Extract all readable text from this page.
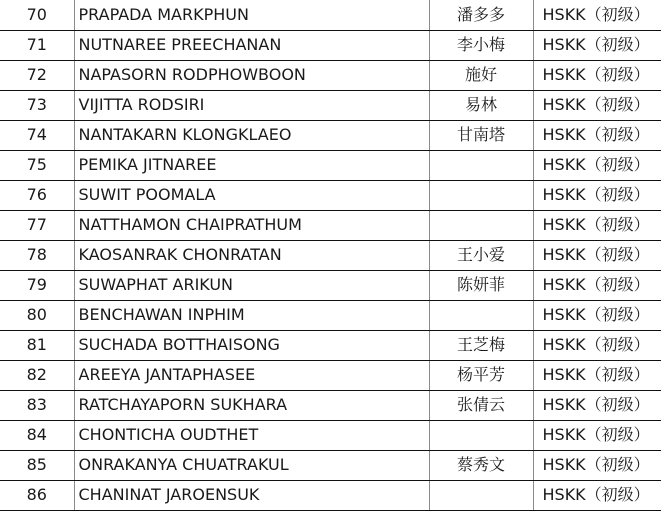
70	PRAPADA MARKPHUN	潘多多	HSKK（初级）
71	NUTNAREE PREECHANAN	李小梅	HSKK（初级）
72	NAPASORN RODPHOWBOON	施好	HSKK（初级）
73	VIJITTA RODSIRI	易林	HSKK（初级）
74	NANTAKARN KLONGKLAEO	甘南塔	HSKK（初级）
75	PEMIKA JITNAREE		HSKK（初级）
76	SUWIT POOMALA		HSKK（初级）
77	NATTHAMON CHAIPRATHUM		HSKK（初级）
78	KAOSANRAK CHONRATAN	王小爱	HSKK（初级）
79	SUWAPHAT ARIKUN	陈妍菲	HSKK（初级）
80	BENCHAWAN INPHIM		HSKK（初级）
81	SUCHADA BOTTHAISONG	王芝梅	HSKK（初级）
82	AREEYA JANTAPHASEE	杨平芳	HSKK（初级）
83	RATCHAYAPORN SUKHARA	张倩云	HSKK（初级）
84	CHONTICHA OUDTHET		HSKK（初级）
85	ONRAKANYA CHUATRAKUL	蔡秀文	HSKK（初级）
86	CHANINAT JAROENSUK		HSKK（初级）
